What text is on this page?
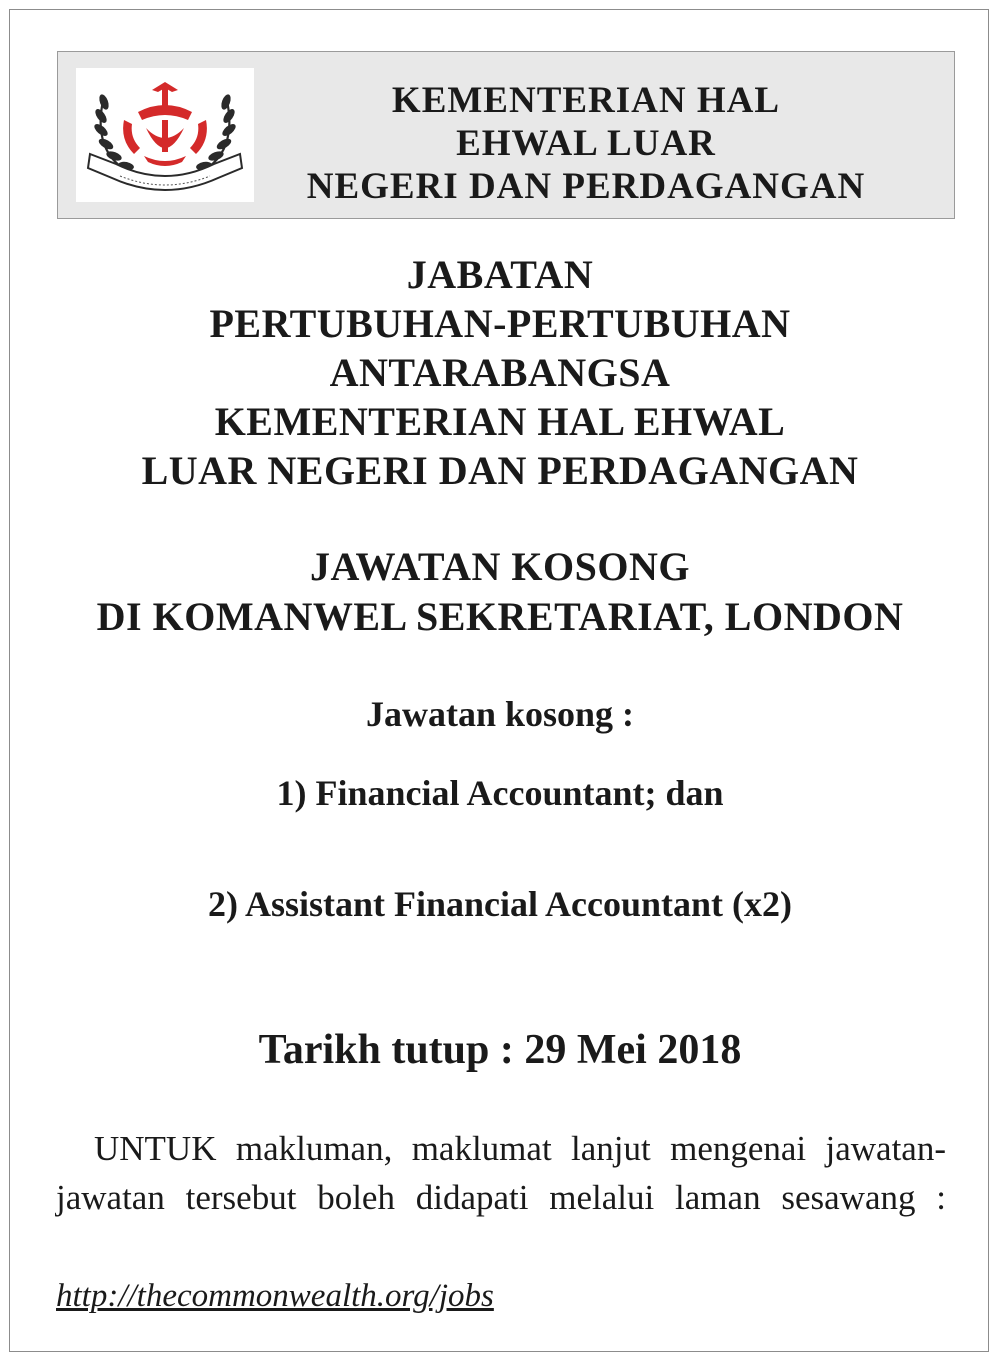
KEMENTERIAN HAL
EHWAL LUAR
NEGERI DAN PERDAGANGAN
JABATAN
PERTUBUHAN-PERTUBUHAN
ANTARABANGSA
KEMENTERIAN HAL EHWAL
LUAR NEGERI DAN PERDAGANGAN
JAWATAN KOSONG
DI KOMANWEL SEKRETARIAT, LONDON
Jawatan kosong :
1) Financial Accountant; dan
2) Assistant Financial Accountant (x2)
Tarikh tutup : 29 Mei 2018
UNTUK makluman, maklumat lanjut mengenai jawatan-jawatan tersebut boleh didapati melalui laman sesawang :
http://thecommonwealth.org/jobs
